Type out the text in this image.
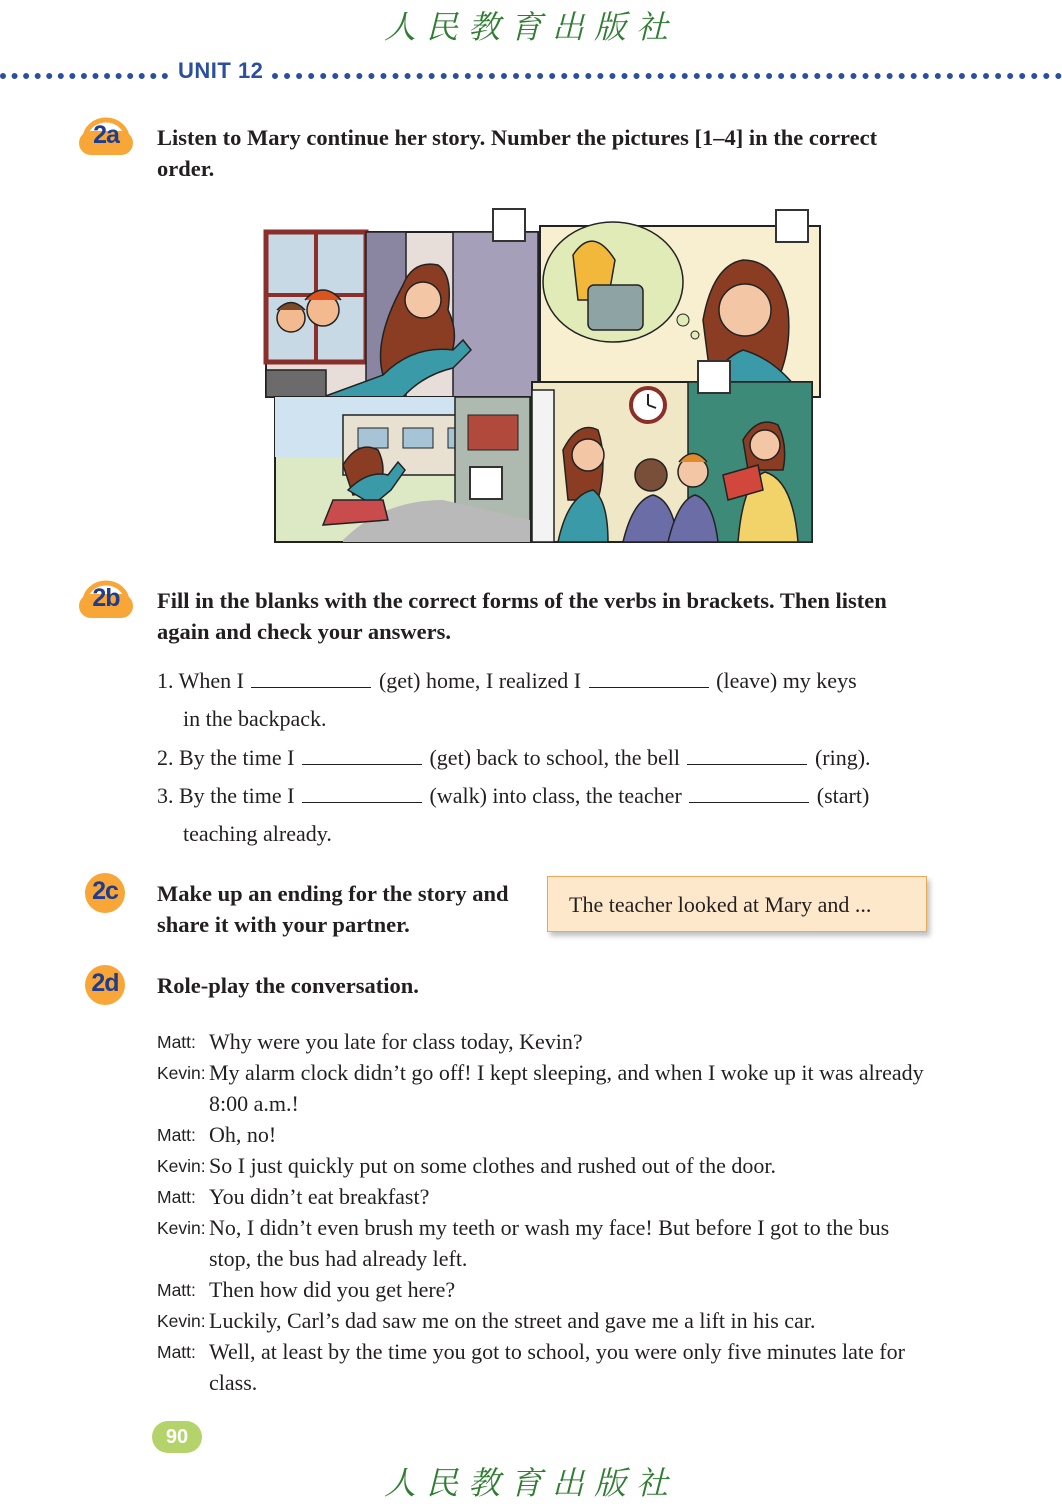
人民教育出版社
UNIT 12
2a	Listen to Mary continue her story. Number the pictures [1–4] in the correct order.
2b	Fill in the blanks with the correct forms of the verbs in brackets. Then listen again and check your answers.
1. When I	(get) home, I realized I	(leave) my keys
in the backpack.
2. By the time I	(get) back to school, the bell	(ring).
3. By the time I	(walk) into class, the teacher	(start)
teaching already.
2c	Make up an ending for the story and share it with your partner.
The teacher looked at Mary and ...
2d	Role-play the conversation.
Matt: Why were you late for class today, Kevin?
Kevin: My alarm clock didn’t go off! I kept sleeping, and when I woke up it was already 8:00 a.m.!
Matt: Oh, no!
Kevin: So I just quickly put on some clothes and rushed out of the door.
Matt: You didn’t eat breakfast?
Kevin: No, I didn’t even brush my teeth or wash my face! But before I got to the bus stop, the bus had already left.
Matt: Then how did you get here?
Kevin: Luckily, Carl’s dad saw me on the street and gave me a lift in his car.
Matt: Well, at least by the time you got to school, you were only five minutes late for class.
90
人民教育出版社
